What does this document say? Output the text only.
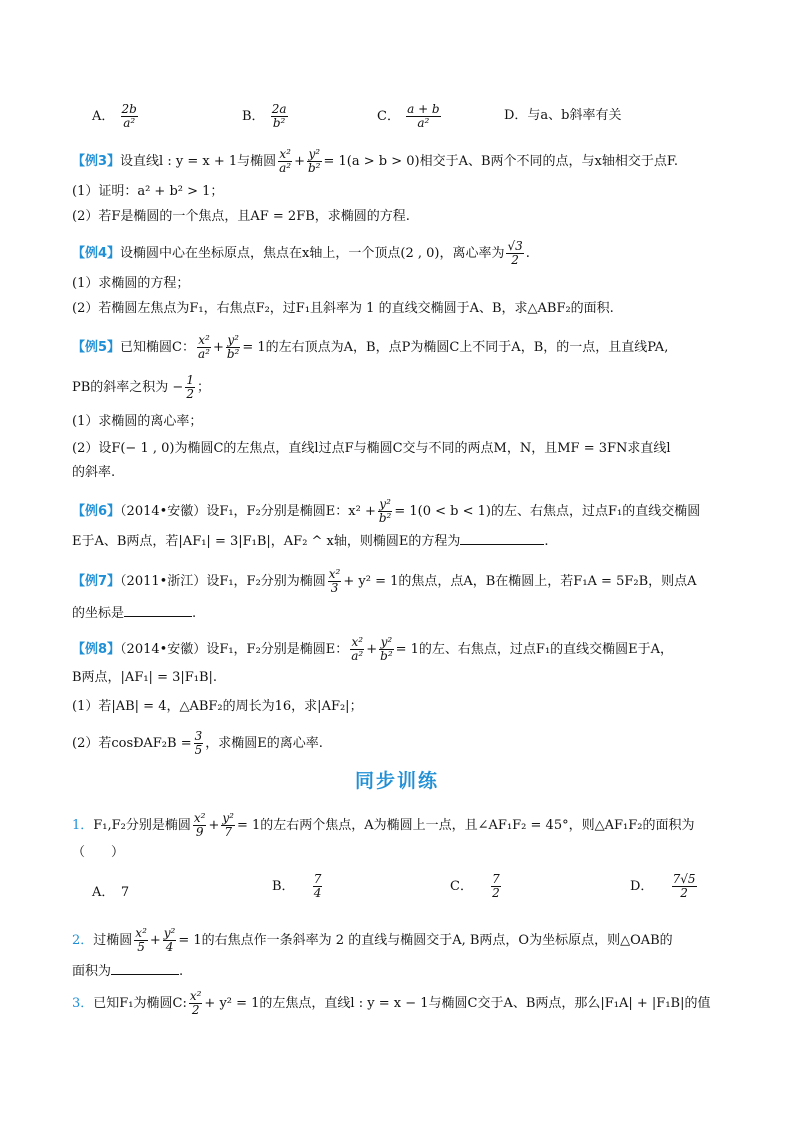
A． $\frac{2b}{\text{a²}}$	B． $\frac{2a}{\text{b²}}$	C． $\frac{a + b}{\text{a²}}$	D．与a、b斜率有关
【例3】设直线l : y = x + 1与椭圆 $\frac{\text{x²}}{\text{a²}} + \frac{\text{y²}}{\text{b²}} = 1(a > b > 0)$相交于A、B两个不同的点，与x轴相交于点F.
(1）证明：a² + b² > 1；
(2）若F是椭圆的一个焦点，且AF = 2FB，求椭圆的方程.
【例4】设椭圆中心在坐标原点，焦点在x轴上，一个顶点(2 , 0)，离心率为 $\frac{√3}{2}$ .
(1）求椭圆的方程；
(2）若椭圆左焦点为F₁，右焦点F₂，过F₁且斜率为 1 的直线交椭圆于A、B，求△ABF₂的面积.
【例5】已知椭圆C： $\frac{\text{x²}}{\text{a²}} + \frac{\text{y²}}{\text{b²}} = 1$的左右顶点为A，B，点P为椭圆C上不同于A，B，的一点，且直线PA,
PB的斜率之积为 − $\frac{1}{2}$ ；
(1）求椭圆的离心率；
(2）设F(− 1 , 0)为椭圆C的左焦点，直线l过点F与椭圆C交与不同的两点M，N，且MF = 3FN求直线l
的斜率.
【例6】（2014•安徽）设F₁，F₂分别是椭圆E：$x^2 + \frac{\text{y²}}{\text{b²}} = 1(0 < b < 1)$的左、右焦点，过点F₁的直线交椭圆
E于A、B两点，若|AF₁| = 3|F₁B|，AF₂ ^ x轴，则椭圆E的方程为	.
【例7】（2011•浙江）设F₁，F₂分别为椭圆 $\frac{\text{x²}}{3} + y^2 = 1$的焦点，点A，B在椭圆上，若F₁A = 5F₂B，则点A
的坐标是	.
【例8】（2014•安徽）设F₁，F₂分别是椭圆E： $\frac{\text{x²}}{\text{a²}} + \frac{\text{y²}}{\text{b²}} = 1$的左、右焦点，过点F₁的直线交椭圆E于A，
B两点，|AF₁| = 3|F₁B|.
(1）若|AB| = 4，△ABF₂的周长为16，求|AF₂|；
(2）若cosÐAF₂B = $\frac{3}{5}$ ，求椭圆E的离心率.
同步训练
1．F₁,F₂分别是椭圆 $\frac{\text{x²}}{9} + \frac{\text{y²}}{7} = 1$的左右两个焦点，A为椭圆上一点，且∠AF₁F₂ = 45°，则△AF₁F₂的面积为
（　　）
A．　7	B． $\frac{7}{4}$	C． $\frac{7}{2}$	D． $\frac{7√5}{2}$
2．过椭圆 $\frac{\text{x²}}{5} + \frac{\text{y²}}{4} = 1$的右焦点作一条斜率为 2 的直线与椭圆交于A, B两点，O为坐标原点，则△OAB的
面积为	.
3．已知F₁为椭圆C: $\frac{\text{x²}}{2} + y^2 = 1$的左焦点，直线l : y = x − 1与椭圆C交于A、B两点，那么|F₁A| + |F₁B|的值
